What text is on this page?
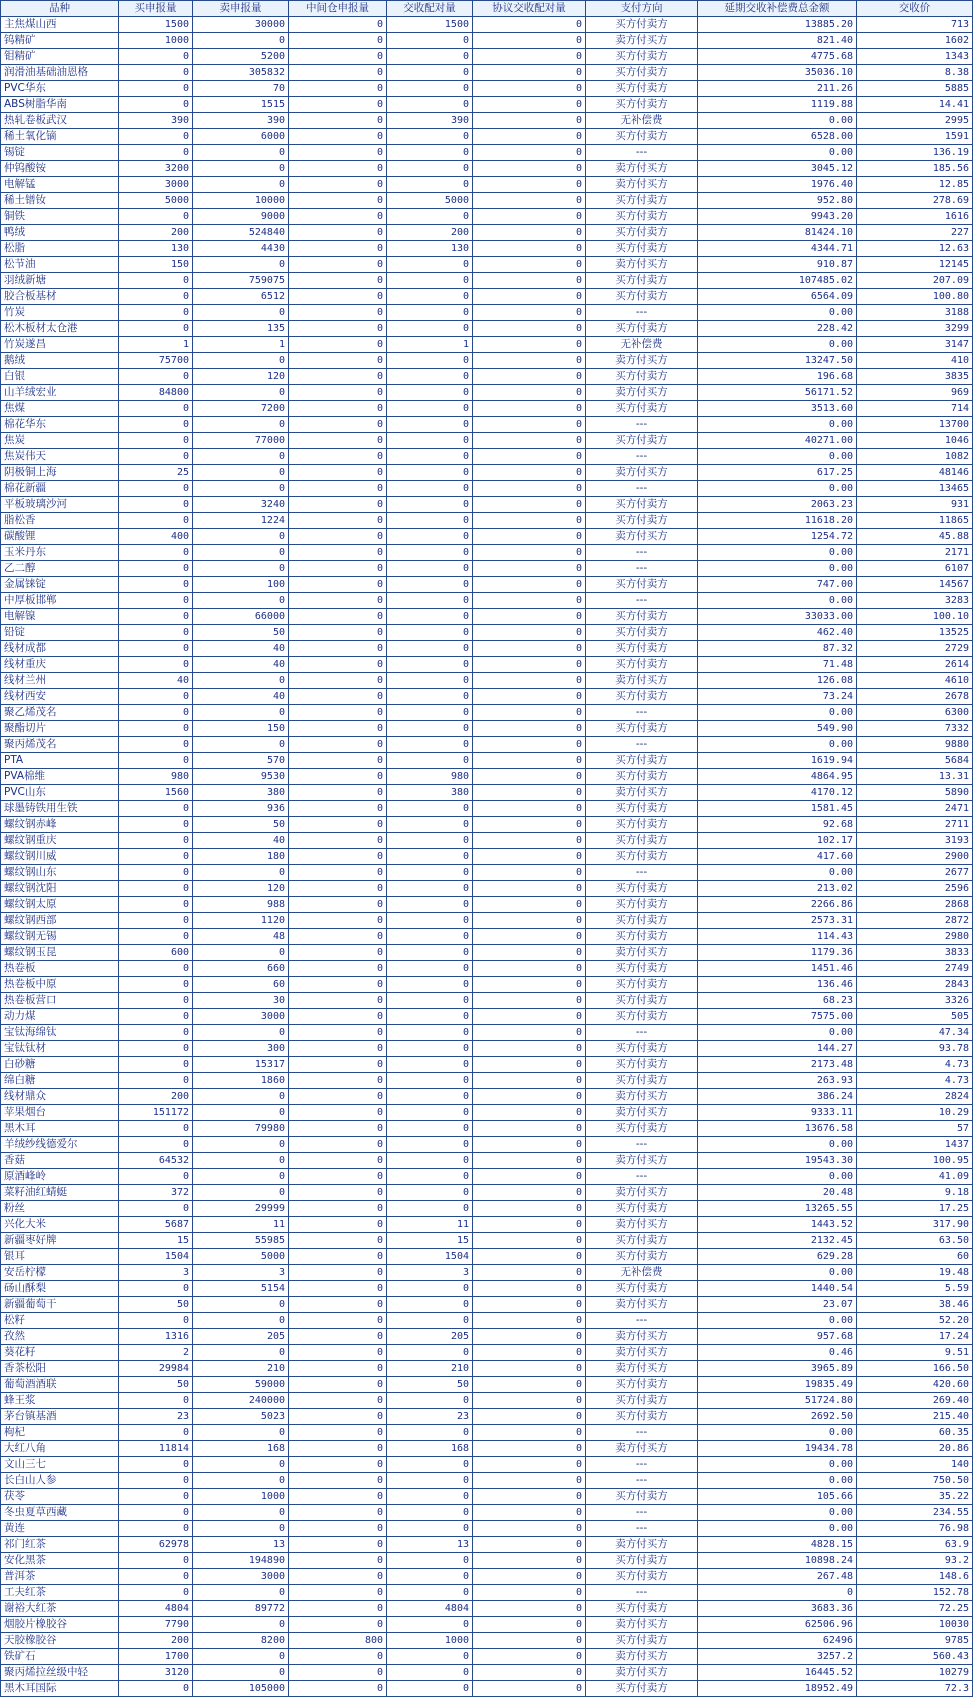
品种	买申报量	卖申报量	中间仓申报量	交收配对量	协议交收配对量	支付方向	延期交收补偿费总金额	交收价
主焦煤山西	1500	30000	0	1500	0	买方付卖方	13885.20	713
钨精矿	1000	0	0	0	0	卖方付买方	821.40	1602
钼精矿	0	5200	0	0	0	买方付卖方	4775.68	1343
润滑油基础油恩格	0	305832	0	0	0	买方付卖方	35036.10	8.38
PVC华东	0	70	0	0	0	买方付卖方	211.26	5885
ABS树脂华南	0	1515	0	0	0	买方付卖方	1119.88	14.41
热轧卷板武汉	390	390	0	390	0	无补偿费	0.00	2995
稀土氧化镝	0	6000	0	0	0	买方付卖方	6528.00	1591
锡锭	0	0	0	0	0	---	0.00	136.19
仲钨酸铵	3200	0	0	0	0	卖方付买方	3045.12	185.56
电解锰	3000	0	0	0	0	卖方付买方	1976.40	12.85
稀土镨钕	5000	10000	0	5000	0	买方付卖方	952.80	278.69
铜铁	0	9000	0	0	0	买方付卖方	9943.20	1616
鸭绒	200	524840	0	200	0	买方付卖方	81424.10	227
松脂	130	4430	0	130	0	买方付卖方	4344.71	12.63
松节油	150	0	0	0	0	卖方付买方	910.87	12145
羽绒新塘	0	759075	0	0	0	买方付卖方	107485.02	207.09
胶合板基材	0	6512	0	0	0	买方付卖方	6564.09	100.80
竹炭	0	0	0	0	0	---	0.00	3188
松木板材太仓港	0	135	0	0	0	买方付卖方	228.42	3299
竹炭遂昌	1	1	0	1	0	无补偿费	0.00	3147
鹅绒	75700	0	0	0	0	卖方付买方	13247.50	410
白银	0	120	0	0	0	买方付卖方	196.68	3835
山羊绒宏业	84800	0	0	0	0	卖方付买方	56171.52	969
焦煤	0	7200	0	0	0	买方付卖方	3513.60	714
棉花华东	0	0	0	0	0	---	0.00	13700
焦炭	0	77000	0	0	0	买方付卖方	40271.00	1046
焦炭伟天	0	0	0	0	0	---	0.00	1082
阴极铜上海	25	0	0	0	0	卖方付买方	617.25	48146
棉花新疆	0	0	0	0	0	---	0.00	13465
平板玻璃沙河	0	3240	0	0	0	买方付卖方	2063.23	931
脂松香	0	1224	0	0	0	买方付卖方	11618.20	11865
碳酸锂	400	0	0	0	0	卖方付买方	1254.72	45.88
玉米丹东	0	0	0	0	0	---	0.00	2171
乙二醇	0	0	0	0	0	---	0.00	6107
金属铼锭	0	100	0	0	0	买方付卖方	747.00	14567
中厚板邯郸	0	0	0	0	0	---	0.00	3283
电解镍	0	66000	0	0	0	买方付卖方	33033.00	100.10
铅锭	0	50	0	0	0	买方付卖方	462.40	13525
线材成都	0	40	0	0	0	买方付卖方	87.32	2729
线材重庆	0	40	0	0	0	买方付卖方	71.48	2614
线材兰州	40	0	0	0	0	卖方付买方	126.08	4610
线材西安	0	40	0	0	0	买方付卖方	73.24	2678
聚乙烯茂名	0	0	0	0	0	---	0.00	6300
聚酯切片	0	150	0	0	0	买方付卖方	549.90	7332
聚丙烯茂名	0	0	0	0	0	---	0.00	9880
PTA	0	570	0	0	0	买方付卖方	1619.94	5684
PVA棉维	980	9530	0	980	0	买方付卖方	4864.95	13.31
PVC山东	1560	380	0	380	0	卖方付买方	4170.12	5890
球墨铸铁用生铁	0	936	0	0	0	买方付卖方	1581.45	2471
螺纹钢赤峰	0	50	0	0	0	买方付卖方	92.68	2711
螺纹钢重庆	0	40	0	0	0	买方付卖方	102.17	3193
螺纹钢川威	0	180	0	0	0	买方付卖方	417.60	2900
螺纹钢山东	0	0	0	0	0	---	0.00	2677
螺纹钢沈阳	0	120	0	0	0	买方付卖方	213.02	2596
螺纹钢太原	0	988	0	0	0	买方付卖方	2266.86	2868
螺纹钢西部	0	1120	0	0	0	买方付卖方	2573.31	2872
螺纹钢无锡	0	48	0	0	0	买方付卖方	114.43	2980
螺纹钢玉昆	600	0	0	0	0	卖方付买方	1179.36	3833
热卷板	0	660	0	0	0	买方付卖方	1451.46	2749
热卷板中原	0	60	0	0	0	买方付卖方	136.46	2843
热卷板营口	0	30	0	0	0	买方付卖方	68.23	3326
动力煤	0	3000	0	0	0	买方付卖方	7575.00	505
宝钛海绵钛	0	0	0	0	0	---	0.00	47.34
宝钛钛材	0	300	0	0	0	买方付卖方	144.27	93.78
白砂糖	0	15317	0	0	0	买方付卖方	2173.48	4.73
绵白糖	0	1860	0	0	0	买方付卖方	263.93	4.73
线材鼎众	200	0	0	0	0	卖方付买方	386.24	2824
苹果烟台	151172	0	0	0	0	卖方付买方	9333.11	10.29
黑木耳	0	79980	0	0	0	买方付卖方	13676.58	57
羊绒纱线德爱尔	0	0	0	0	0	---	0.00	1437
香菇	64532	0	0	0	0	卖方付买方	19543.30	100.95
原酒峰岭	0	0	0	0	0	---	0.00	41.09
菜籽油红蜻蜓	372	0	0	0	0	卖方付买方	20.48	9.18
粉丝	0	29999	0	0	0	买方付卖方	13265.55	17.25
兴化大米	5687	11	0	11	0	卖方付买方	1443.52	317.90
新疆枣好牌	15	55985	0	15	0	买方付卖方	2132.45	63.50
银耳	1504	5000	0	1504	0	买方付卖方	629.28	60
安岳柠檬	3	3	0	3	0	无补偿费	0.00	19.48
砀山酥梨	0	5154	0	0	0	买方付卖方	1440.54	5.59
新疆葡萄干	50	0	0	0	0	卖方付买方	23.07	38.46
松籽	0	0	0	0	0	---	0.00	52.20
孜然	1316	205	0	205	0	卖方付买方	957.68	17.24
葵花籽	2	0	0	0	0	卖方付买方	0.46	9.51
香茶松阳	29984	210	0	210	0	卖方付买方	3965.89	166.50
葡萄酒酒联	50	59000	0	50	0	买方付卖方	19835.49	420.60
蜂王浆	0	240000	0	0	0	买方付卖方	51724.80	269.40
茅台镇基酒	23	5023	0	23	0	买方付卖方	2692.50	215.40
枸杞	0	0	0	0	0	---	0.00	60.35
大红八角	11814	168	0	168	0	卖方付买方	19434.78	20.86
文山三七	0	0	0	0	0	---	0.00	140
长白山人参	0	0	0	0	0	---	0.00	750.50
茯苓	0	1000	0	0	0	买方付卖方	105.66	35.22
冬虫夏草西藏	0	0	0	0	0	---	0.00	234.55
黄连	0	0	0	0	0	---	0.00	76.98
祁门红茶	62978	13	0	13	0	卖方付买方	4828.15	63.9
安化黑茶	0	194890	0	0	0	买方付卖方	10898.24	93.2
普洱茶	0	3000	0	0	0	买方付卖方	267.48	148.6
工夫红茶	0	0	0	0	0	---	0	152.78
谢裕大红茶	4804	89772	0	4804	0	买方付卖方	3683.36	72.25
烟胶片橡胶谷	7790	0	0	0	0	卖方付买方	62506.96	10030
天胶橡胶谷	200	8200	800	1000	0	买方付卖方	62496	9785
铁矿石	1700	0	0	0	0	卖方付买方	3257.2	560.43
聚丙烯拉丝级中轻	3120	0	0	0	0	卖方付买方	16445.52	10279
黑木耳国际	0	105000	0	0	0	买方付卖方	18952.49	72.3
